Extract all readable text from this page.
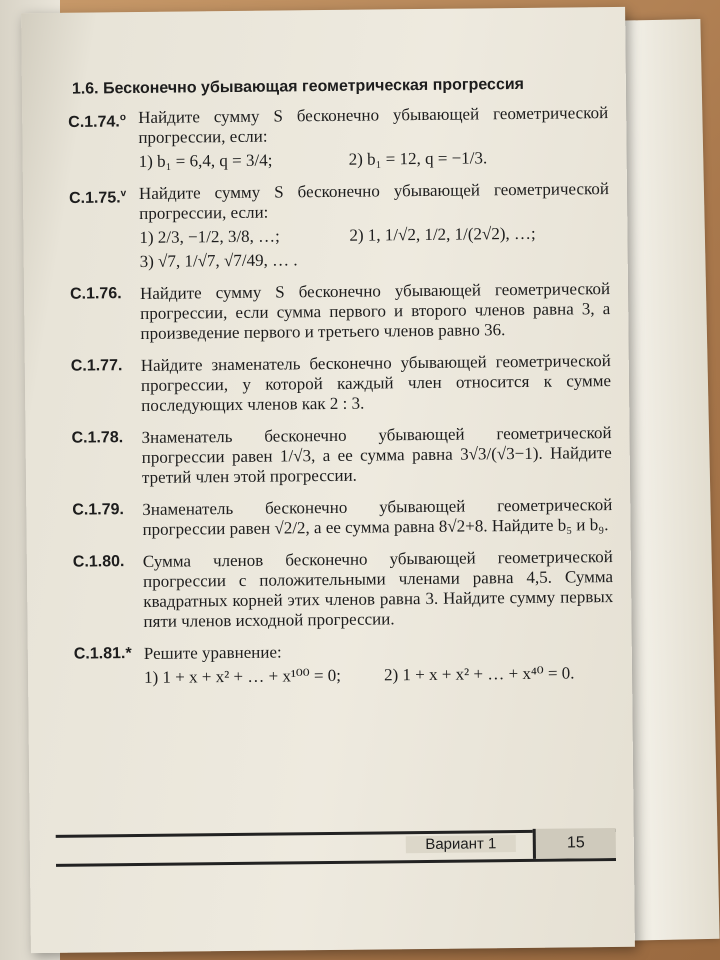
1.6. Бесконечно убывающая геометрическая прогрессия
C.1.74.$^o$ Найдите сумму S бесконечно убывающей геометрической прогрессии, если:
1) b₁ = 6,4, q = 3/4;	2) b₁ = 12, q = −1/3.
C.1.75.$^v$ Найдите сумму S бесконечно убывающей геометрической прогрессии, если:
1) 2/3, −1/2, 3/8, …;	2) 1, 1/√2, 1/2, 1/(2√2), …;
3) √7, 1/√7, √7/49, … .
C.1.76.	Найдите сумму S бесконечно убывающей геометрической прогрессии, если сумма первого и второго членов равна 3, а произведение первого и третьего членов равно 36.
C.1.77.	Найдите знаменатель бесконечно убывающей геометрической прогрессии, у которой каждый член относится к сумме последующих членов как 2 : 3.
C.1.78.	Знаменатель бесконечно убывающей геометрической прогрессии равен 1/√3, а ее сумма равна 3√3/(√3−1). Найдите третий член этой прогрессии.
C.1.79.	Знаменатель бесконечно убывающей геометрической прогрессии равен √2/2, а ее сумма равна 8√2+8. Найдите b₅ и b₉.
C.1.80.	Сумма членов бесконечно убывающей геометрической прогрессии с положительными членами равна 4,5. Сумма квадратных корней этих членов равна 3. Найдите сумму первых пяти членов исходной прогрессии.
C.1.81.* Решите уравнение:
1) 1 + x + x² + … + x¹⁰⁰ = 0;	2) 1 + x + x² + … + x⁴⁰ = 0.
Вариант 1	15
